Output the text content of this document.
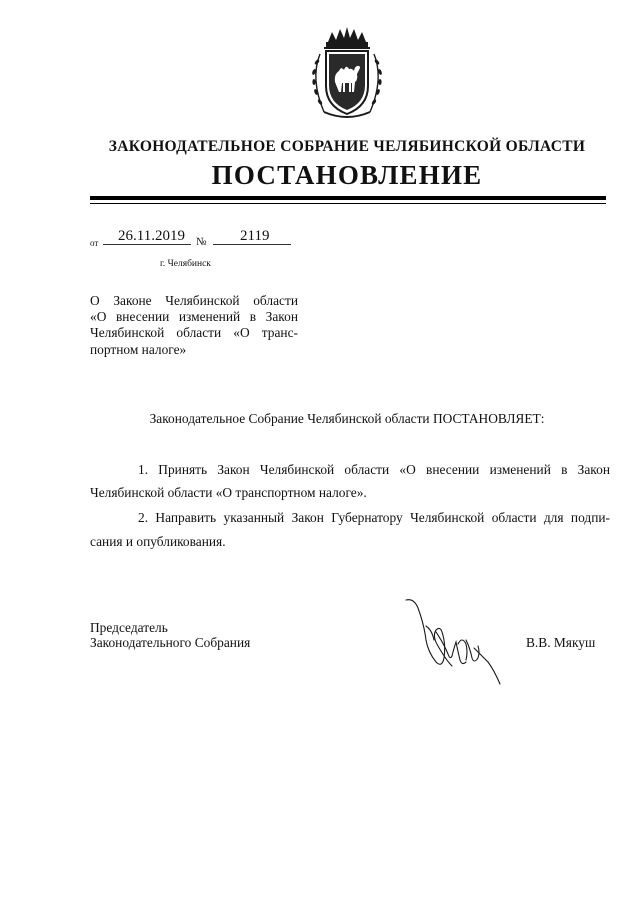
ЗАКОНОДАТЕЛЬНОЕ СОБРАНИЕ ЧЕЛЯБИНСКОЙ ОБЛАСТИ
ПОСТАНОВЛЕНИЕ
от 26.11.2019 № 2119
г. Челябинск
О Законе Челябинской области
«О внесении изменений в Закон
Челябинской области «О транс-
портном налоге»
Законодательное Собрание Челябинской области ПОСТАНОВЛЯЕТ:
1. Принять Закон Челябинской области «О внесении изменений в Закон
Челябинской области «О транспортном налоге».
2. Направить указанный Закон Губернатору Челябинской области для подпи-
сания и опубликования.
Председатель
Законодательного Собрания	В.В. Мякуш
